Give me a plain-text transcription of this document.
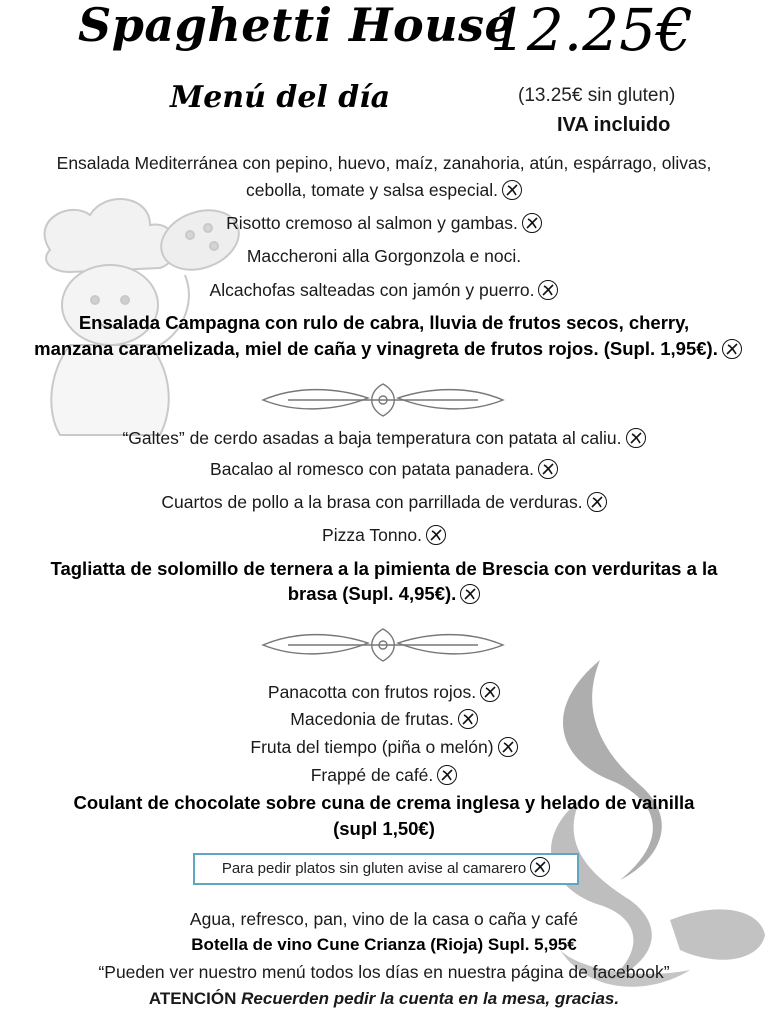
Spaghetti House
12.25€
Menú del día	(13.25€ sin gluten)
IVA incluido
Ensalada Mediterránea con pepino, huevo, maíz, zanahoria, atún, espárrago, olivas,
cebolla, tomate y salsa especial.
Risotto cremoso al salmon y gambas.
Maccheroni alla Gorgonzola e noci.
Alcachofas salteadas con jamón y puerro.
Ensalada Campagna con rulo de cabra, lluvia de frutos secos, cherry,
manzana caramelizada, miel de caña y vinagreta de frutos rojos. (Supl. 1,95€).
“Galtes” de cerdo asadas a baja temperatura con patata al caliu.
Bacalao al romesco con patata panadera.
Cuartos de pollo a la brasa con parrillada de verduras.
Pizza Tonno.
Tagliatta de solomillo de ternera a la pimienta de Brescia con verduritas a la
brasa (Supl. 4,95€).
Panacotta con frutos rojos.
Macedonia de frutas.
Fruta del tiempo (piña o melón)
Frappé de café.
Coulant de chocolate sobre cuna de crema inglesa y helado de vainilla
(supl 1,50€)
Para pedir platos sin gluten avise al camarero
Agua, refresco, pan, vino de la casa o caña y café
Botella de vino Cune Crianza (Rioja) Supl. 5,95€
“Pueden ver nuestro menú todos los días en nuestra página de facebook”
ATENCIÓN Recuerden pedir la cuenta en la mesa, gracias.
